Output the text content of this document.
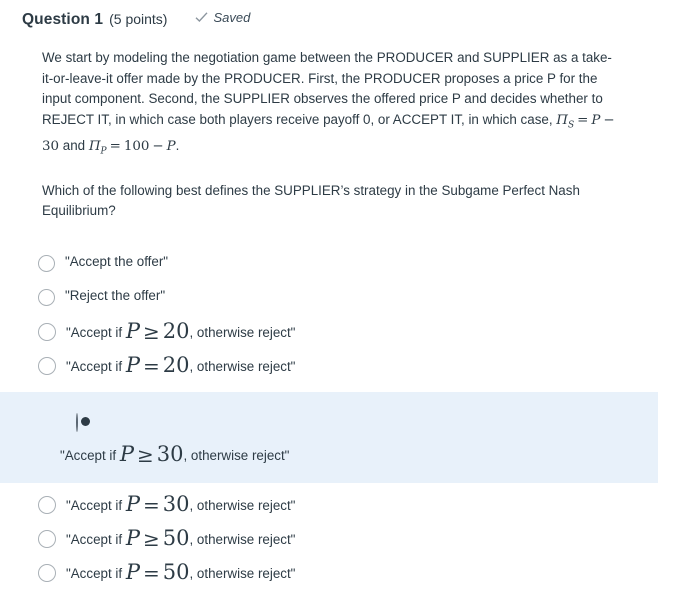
Question 1 (5 points)	Saved

We start by modeling the negotiation game between the PRODUCER and SUPPLIER as a take-it-or-leave-it offer made by the PRODUCER. First, the PRODUCER proposes a price P for the input component. Second, the SUPPLIER observes the offered price P and decides whether to REJECT IT, in which case both players receive payoff 0, or ACCEPT IT, in which case, $\Pi_S = P -30$ and $\Pi_P = 100 - P$.

Which of the following best defines the SUPPLIER’s strategy in the Subgame Perfect Nash Equilibrium?

"Accept the offer"
"Reject the offer"
"Accept if P ≥ 20, otherwise reject"
"Accept if P = 20, otherwise reject"
"Accept if P ≥ 30, otherwise reject"
"Accept if P = 30, otherwise reject"
"Accept if P ≥ 50, otherwise reject"
"Accept if P = 50, otherwise reject"
